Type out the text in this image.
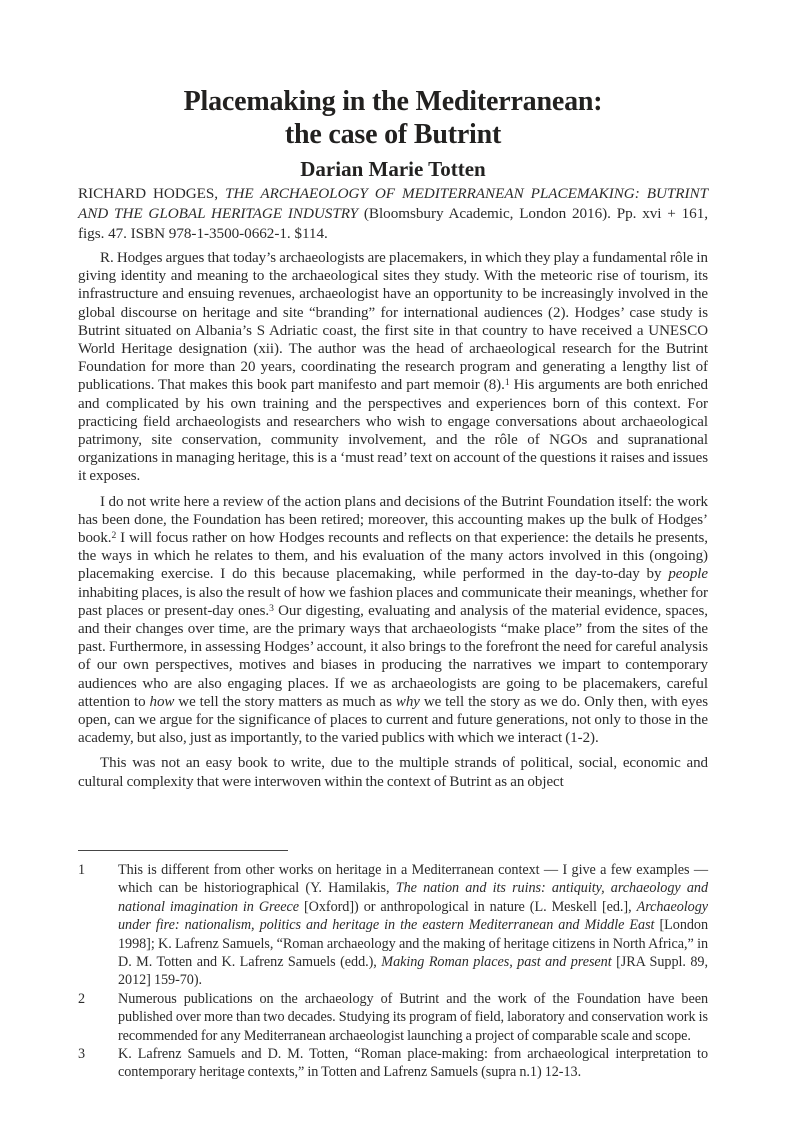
Placemaking in the Mediterranean:
the case of Butrint
Darian Marie Totten

RICHARD HODGES, THE ARCHAEOLOGY OF MEDITERRANEAN PLACEMAKING: BUTRINT AND THE GLOBAL HERITAGE INDUSTRY (Bloomsbury Academic, London 2016). Pp. xvi + 161, figs. 47. ISBN 978-1-3500-0662-1. $114.

R. Hodges argues that today’s archaeologists are placemakers, in which they play a fundamental rôle in giving identity and meaning to the archaeological sites they study. With the meteoric rise of tourism, its infrastructure and ensuing revenues, archaeologist have an opportunity to be increasingly involved in the global discourse on heritage and site “branding” for international audiences (2). Hodges’ case study is Butrint situated on Albania’s S Adriatic coast, the first site in that country to have received a UNESCO World Heritage designation (xii). The author was the head of archaeological research for the Butrint Foundation for more than 20 years, coordinating the research program and generating a lengthy list of publications. That makes this book part manifesto and part memoir (8).$^1$ His arguments are both enriched and complicated by his own training and the perspectives and experiences born of this context. For practicing field archaeologists and researchers who wish to engage conversations about archaeological patrimony, site conservation, community involvement, and the rôle of NGOs and supranational organizations in managing heritage, this is a ‘must read’ text on account of the questions it raises and issues it exposes.

I do not write here a review of the action plans and decisions of the Butrint Foundation itself: the work has been done, the Foundation has been retired; moreover, this accounting makes up the bulk of Hodges’ book.$^2$ I will focus rather on how Hodges recounts and reflects on that experience: the details he presents, the ways in which he relates to them, and his evaluation of the many actors involved in this (ongoing) placemaking exercise. I do this because placemaking, while performed in the day-to-day by people inhabiting places, is also the result of how we fashion places and communicate their meanings, whether for past places or present-day ones.$^3$ Our digesting, evaluating and analysis of the material evidence, spaces, and their changes over time, are the primary ways that archaeologists “make place” from the sites of the past. Furthermore, in assessing Hodges’ account, it also brings to the forefront the need for careful analysis of our own perspectives, motives and biases in producing the narratives we impart to contemporary audiences who are also engaging places. If we as archaeologists are going to be placemakers, careful attention to how we tell the story matters as much as why we tell the story as we do. Only then, with eyes open, can we argue for the significance of places to current and future generations, not only to those in the academy, but also, just as importantly, to the varied publics with which we interact (1-2).

This was not an easy book to write, due to the multiple strands of political, social, economic and cultural complexity that were interwoven within the context of Butrint as an object

1	This is different from other works on heritage in a Mediterranean context — I give a few examples — which can be historiographical (Y. Hamilakis, The nation and its ruins: antiquity, archaeology and national imagination in Greece [Oxford]) or anthropological in nature (L. Meskell [ed.], Archaeology under fire: nationalism, politics and heritage in the eastern Mediterranean and Middle East [London 1998]; K. Lafrenz Samuels, “Roman archaeology and the making of heritage citizens in North Africa,” in D. M. Totten and K. Lafrenz Samuels (edd.), Making Roman places, past and present [JRA Suppl. 89, 2012] 159-70).
2	Numerous publications on the archaeology of Butrint and the work of the Foundation have been published over more than two decades. Studying its program of field, laboratory and conservation work is recommended for any Mediterranean archaeologist launching a project of comparable scale and scope.
3	K. Lafrenz Samuels and D. M. Totten, “Roman place-making: from archaeological interpretation to contemporary heritage contexts,” in Totten and Lafrenz Samuels (supra n.1) 12-13.
